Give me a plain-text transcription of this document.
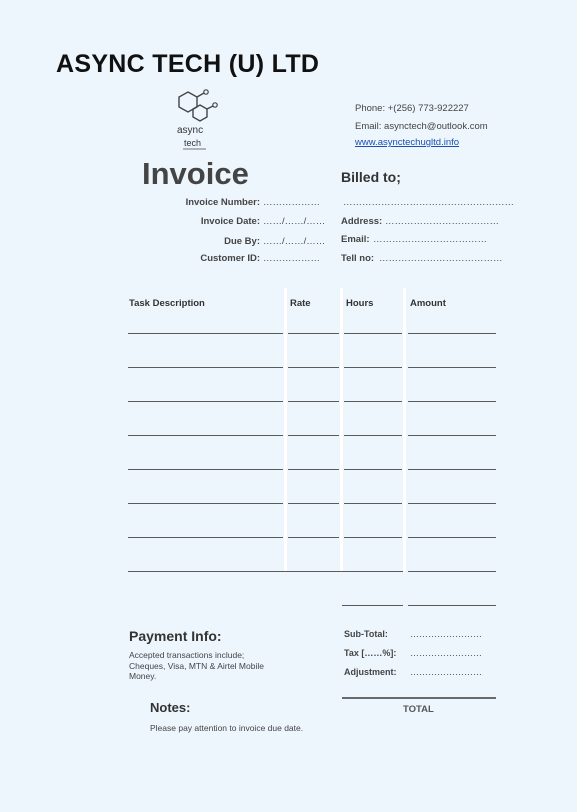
ASYNC TECH (U) LTD
async
tech
Phone: +(256) 773-922227
Email: asynctech@outlook.com
www.asynctechugltd.info
Invoice	Billed to;
Invoice Number: ………………
Invoice Date: ……/……/……
Due By: ……/……/……
Customer ID: ………………
………………………………………………
Address: ………………………………
Email: ………………………………
Tell no: …………………………………
Task Description	Rate	Hours	Amount
Payment Info:
Accepted transactions include; Cheques, Visa, MTN & Airtel Mobile Money.
Sub-Total: ……………………
Tax [……%]: ……………………
Adjustment: ……………………
TOTAL
Notes:
Please pay attention to invoice due date.
